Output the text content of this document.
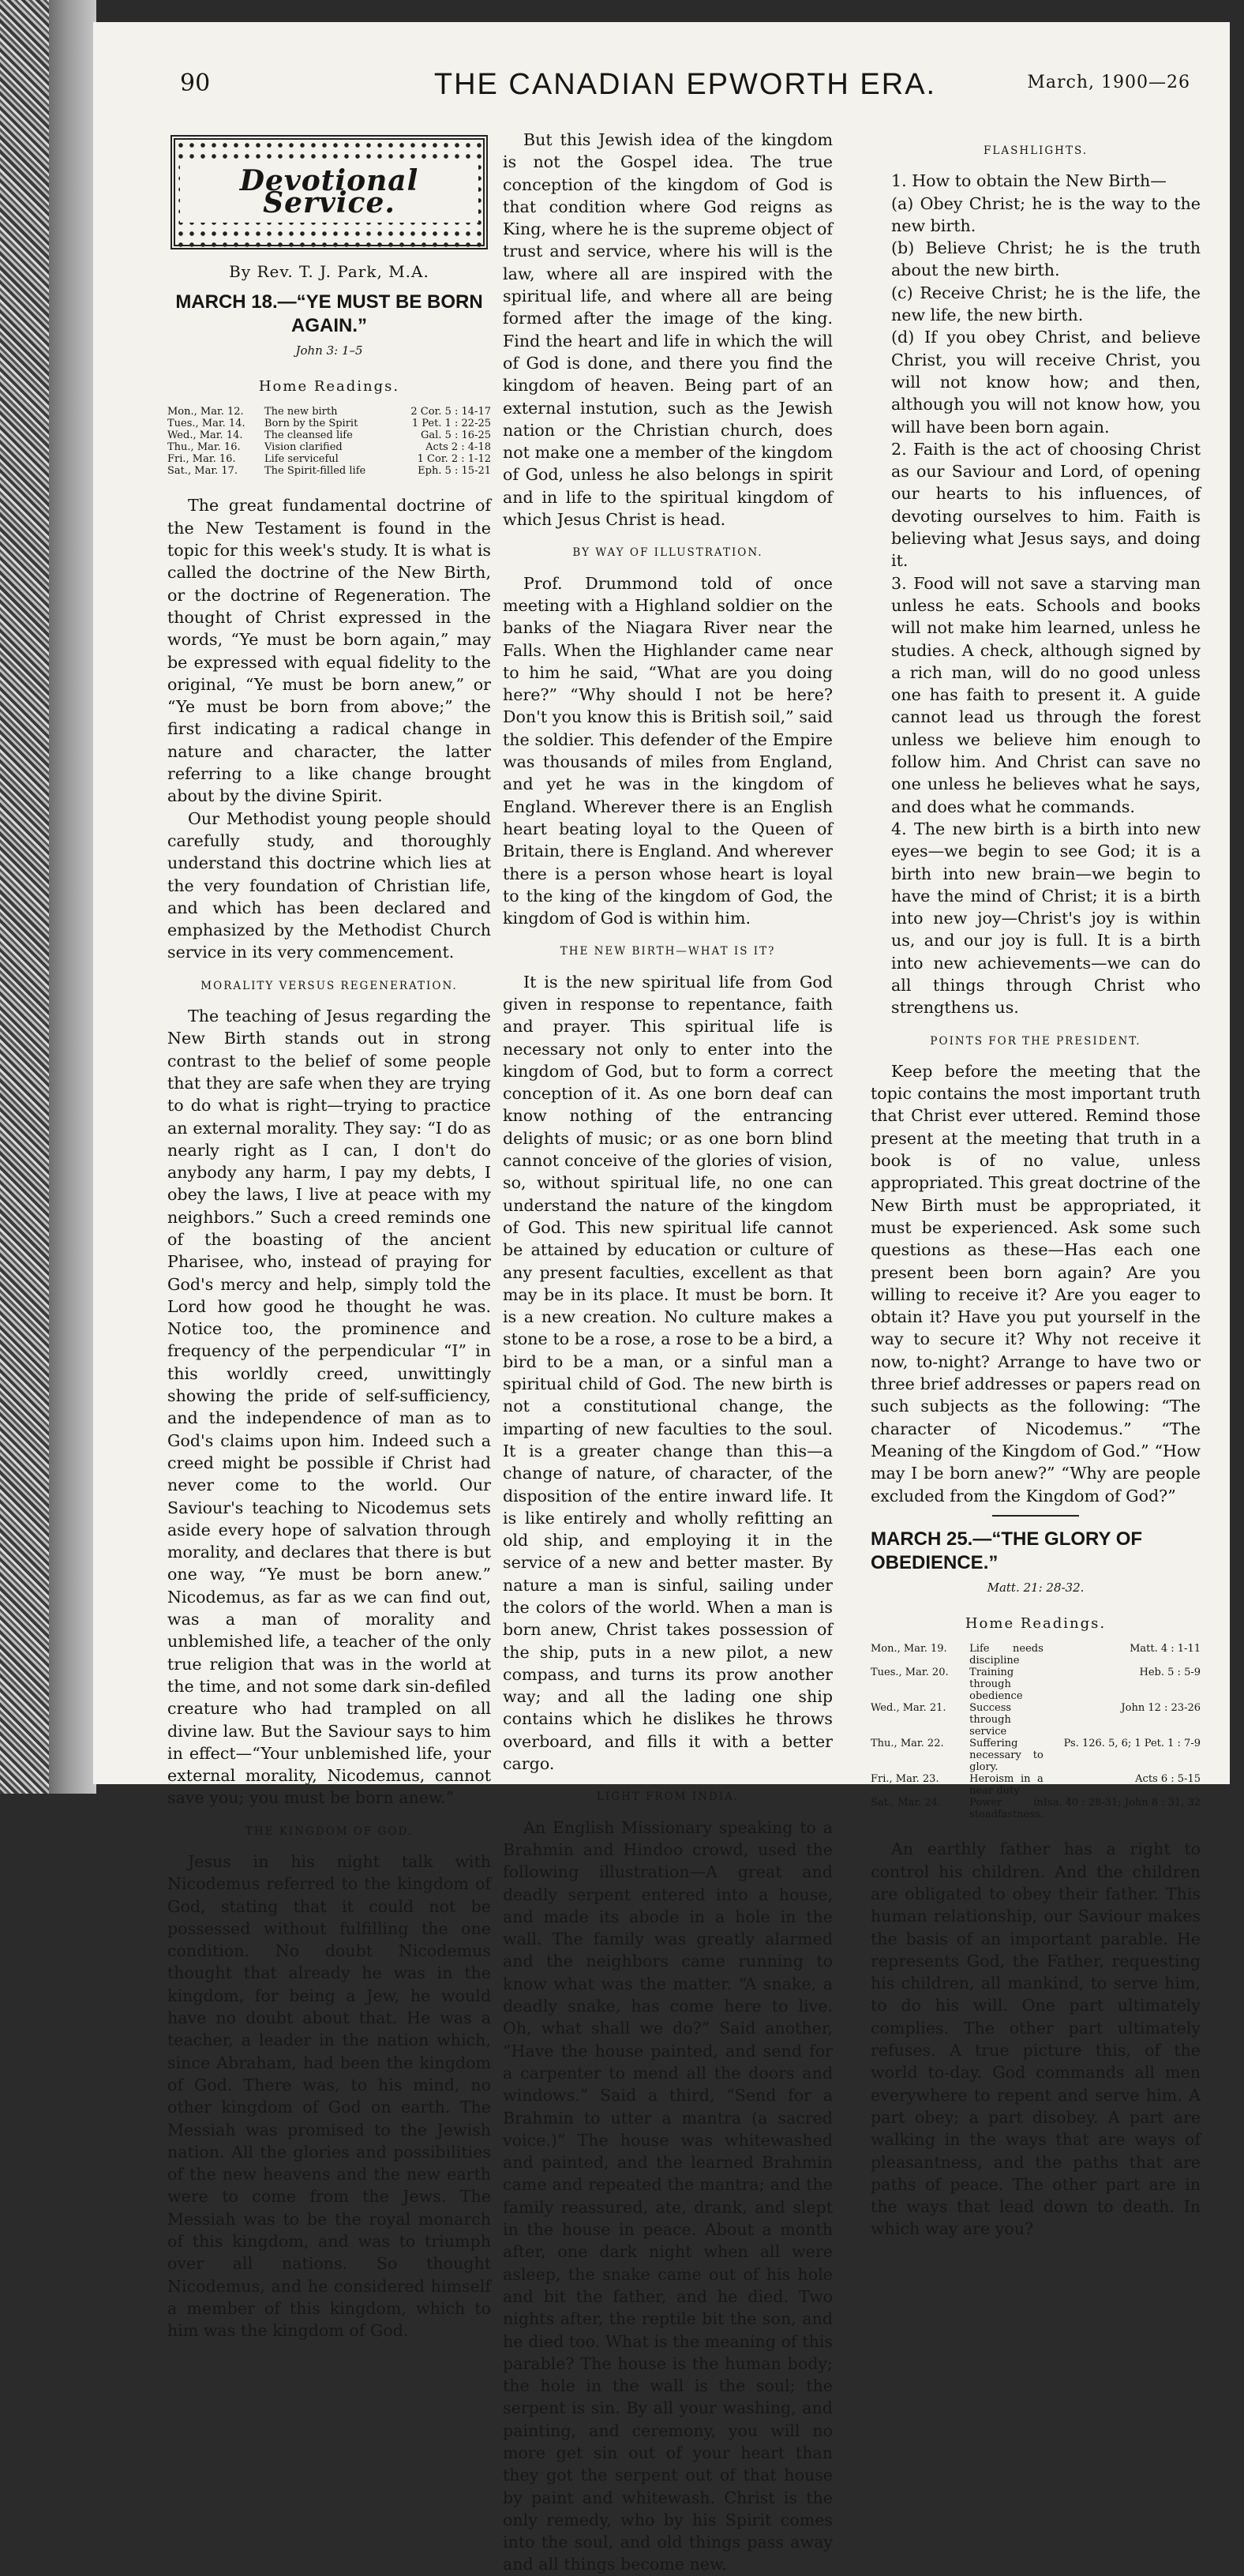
90	THE CANADIAN EPWORTH ERA.	March, 1900—26
Devotional Service.
By Rev. T. J. Park, M.A.
MARCH 18.—“YE MUST BE BORN AGAIN.”
John 3: 1–5
Home Readings.
Mon., Mar. 12.	The new birth	2 Cor. 5 : 14-17
Tues., Mar. 14.	Born by the Spirit	1 Pet. 1 : 22-25
Wed., Mar. 14.	The cleansed life	Gal. 5 : 16-25
Thu., Mar. 16.	Vision clarified	Acts 2 : 4-18
Fri., Mar. 16.	Life serviceful	1 Cor. 2 : 1-12
Sat., Mar. 17.	The Spirit-filled life	Eph. 5 : 15-21

The great fundamental doctrine of the New Testament is found in the topic for this week's study. It is what is called the doctrine of the New Birth, or the doctrine of Regeneration. The thought of Christ expressed in the words, “Ye must be born again,” may be expressed with equal fidelity to the original, “Ye must be born anew,” or “Ye must be born from above;” the first indicating a radical change in nature and character, the latter referring to a like change brought about by the divine Spirit.

Our Methodist young people should carefully study, and thoroughly understand this doctrine which lies at the very foundation of Christian life, and which has been declared and emphasized by the Methodist Church service in its very commencement.

MORALITY VERSUS REGENERATION.

The teaching of Jesus regarding the New Birth stands out in strong contrast to the belief of some people that they are safe when they are trying to do what is right—trying to practice an external morality. They say: “I do as nearly right as I can, I don't do anybody any harm, I pay my debts, I obey the laws, I live at peace with my neighbors.” Such a creed reminds one of the boasting of the ancient Pharisee, who, instead of praying for God's mercy and help, simply told the Lord how good he thought he was. Notice too, the prominence and frequency of the perpendicular “I” in this worldly creed, unwittingly showing the pride of self-sufficiency, and the independence of man as to God's claims upon him. Indeed such a creed might be possible if Christ had never come to the world. Our Saviour's teaching to Nicodemus sets aside every hope of salvation through morality, and declares that there is but one way, “Ye must be born anew.” Nicodemus, as far as we can find out, was a man of morality and unblemished life, a teacher of the only true religion that was in the world at the time, and not some dark sin-defiled creature who had trampled on all divine law. But the Saviour says to him in effect—“Your unblemished life, your external morality, Nicodemus, cannot save you; you must be born anew.”

THE KINGDOM OF GOD.

Jesus in his night talk with Nicodemus referred to the kingdom of God, stating that it could not be possessed without fulfilling the one condition. No doubt Nicodemus thought that already he was in the kingdom, for being a Jew, he would have no doubt about that. He was a teacher, a leader in the nation which, since Abraham, had been the kingdom of God. There was, to his mind, no other kingdom of God on earth. The Messiah was promised to the Jewish nation. All the glories and possibilities of the new heavens and the new earth were to come from the Jews. The Messiah was to be the royal monarch of this kingdom, and was to triumph over all nations. So thought Nicodemus, and he considered himself a member of this kingdom, which to him was the kingdom of God.

But this Jewish idea of the kingdom is not the Gospel idea. The true conception of the kingdom of God is that condition where God reigns as King, where he is the supreme object of trust and service, where his will is the law, where all are inspired with the spiritual life, and where all are being formed after the image of the king. Find the heart and life in which the will of God is done, and there you find the kingdom of heaven. Being part of an external instution, such as the Jewish nation or the Christian church, does not make one a member of the kingdom of God, unless he also belongs in spirit and in life to the spiritual kingdom of which Jesus Christ is head.

BY WAY OF ILLUSTRATION.

Prof. Drummond told of once meeting with a Highland soldier on the banks of the Niagara River near the Falls. When the Highlander came near to him he said, “What are you doing here?” “Why should I not be here? Don't you know this is British soil,” said the soldier. This defender of the Empire was thousands of miles from England, and yet he was in the kingdom of England. Wherever there is an English heart beating loyal to the Queen of Britain, there is England. And wherever there is a person whose heart is loyal to the king of the kingdom of God, the kingdom of God is within him.

THE NEW BIRTH—WHAT IS IT?

It is the new spiritual life from God given in response to repentance, faith and prayer. This spiritual life is necessary not only to enter into the kingdom of God, but to form a correct conception of it. As one born deaf can know nothing of the entrancing delights of music; or as one born blind cannot conceive of the glories of vision, so, without spiritual life, no one can understand the nature of the kingdom of God. This new spiritual life cannot be attained by education or culture of any present faculties, excellent as that may be in its place. It must be born. It is a new creation. No culture makes a stone to be a rose, a rose to be a bird, a bird to be a man, or a sinful man a spiritual child of God. The new birth is not a constitutional change, the imparting of new faculties to the soul. It is a greater change than this—a change of nature, of character, of the disposition of the entire inward life. It is like entirely and wholly refitting an old ship, and employing it in the service of a new and better master. By nature a man is sinful, sailing under the colors of the world. When a man is born anew, Christ takes possession of the ship, puts in a new pilot, a new compass, and turns its prow another way; and all the lading one ship contains which he dislikes he throws overboard, and fills it with a better cargo.

LIGHT FROM INDIA.

An English Missionary speaking to a Brahmin and Hindoo crowd, used the following illustration—A great and deadly serpent entered into a house, and made its abode in a hole in the wall. The family was greatly alarmed and the neighbors came running to know what was the matter. “A snake, a deadly snake, has come here to live. Oh, what shall we do?” Said another, “Have the house painted, and send for a carpenter to mend all the doors and windows.” Said a third, “Send for a Brahmin to utter a mantra (a sacred voice.)” The house was whitewashed and painted, and the learned Brahmin came and repeated the mantra; and the family reassured, ate, drank, and slept in the house in peace. About a month after, one dark night when all were asleep, the snake came out of his hole and bit the father, and he died. Two nights after, the reptile bit the son, and he died too. What is the meaning of this parable? The house is the human body; the hole in the wall is the soul; the serpent is sin. By all your washing, and painting, and ceremony, you will no more get sin out of your heart than they got the serpent out of that house by paint and whitewash. Christ is the only remedy, who by his Spirit comes into the soul, and old things pass away and all things become new.

FLASHLIGHTS.

1. How to obtain the New Birth—

(a) Obey Christ; he is the way to the new birth.

(b) Believe Christ; he is the truth about the new birth.

(c) Receive Christ; he is the life, the new life, the new birth.

(d) If you obey Christ, and believe Christ, you will receive Christ, you will not know how; and then, although you will not know how, you will have been born again.

2. Faith is the act of choosing Christ as our Saviour and Lord, of opening our hearts to his influences, of devoting ourselves to him. Faith is believing what Jesus says, and doing it.

3. Food will not save a starving man unless he eats. Schools and books will not make him learned, unless he studies. A check, although signed by a rich man, will do no good unless one has faith to present it. A guide cannot lead us through the forest unless we believe him enough to follow him. And Christ can save no one unless he believes what he says, and does what he commands.

4. The new birth is a birth into new eyes—we begin to see God; it is a birth into new brain—we begin to have the mind of Christ; it is a birth into new joy—Christ's joy is within us, and our joy is full. It is a birth into new achievements—we can do all things through Christ who strengthens us.

POINTS FOR THE PRESIDENT.

Keep before the meeting that the topic contains the most important truth that Christ ever uttered. Remind those present at the meeting that truth in a book is of no value, unless appropriated. This great doctrine of the New Birth must be appropriated, it must be experienced. Ask some such questions as these—Has each one present been born again? Are you willing to receive it? Are you eager to obtain it? Have you put yourself in the way to secure it? Why not receive it now, to-night? Arrange to have two or three brief addresses or papers read on such subjects as the following: “The character of Nicodemus.” “The Meaning of the Kingdom of God.” “How may I be born anew?” “Why are people excluded from the Kingdom of God?”

MARCH 25.—“THE GLORY OF OBEDIENCE.”
Matt. 21: 28-32.
Home Readings.
Mon., Mar. 19.	Life needs discipline	Matt. 4 : 1-11
Tues., Mar. 20.	Training through obedience	Heb. 5 : 5-9
Wed., Mar. 21.	Success through service	John 12 : 23-26
Thu., Mar. 22.	Suffering necessary to glory.	Ps. 126. 5, 6; 1 Pet. 1 : 7-9
Fri., Mar. 23.	Heroism in a near duty	Acts 6 : 5-15
Sat., Mar. 24.	Power in steadfastness.	Isa. 40 : 28-31; John 8 : 31, 32

An earthly father has a right to control his children. And the children are obligated to obey their father. This human relationship, our Saviour makes the basis of an important parable. He represents God, the Father, requesting his children, all mankind, to serve him, to do his will. One part ultimately complies. The other part ultimately refuses. A true picture this, of the world to-day. God commands all men everywhere to repent and serve him. A part obey; a part disobey. A part are walking in the ways that are ways of pleasantness, and the paths that are paths of peace. The other part are in the ways that lead down to death. In which way are you?
